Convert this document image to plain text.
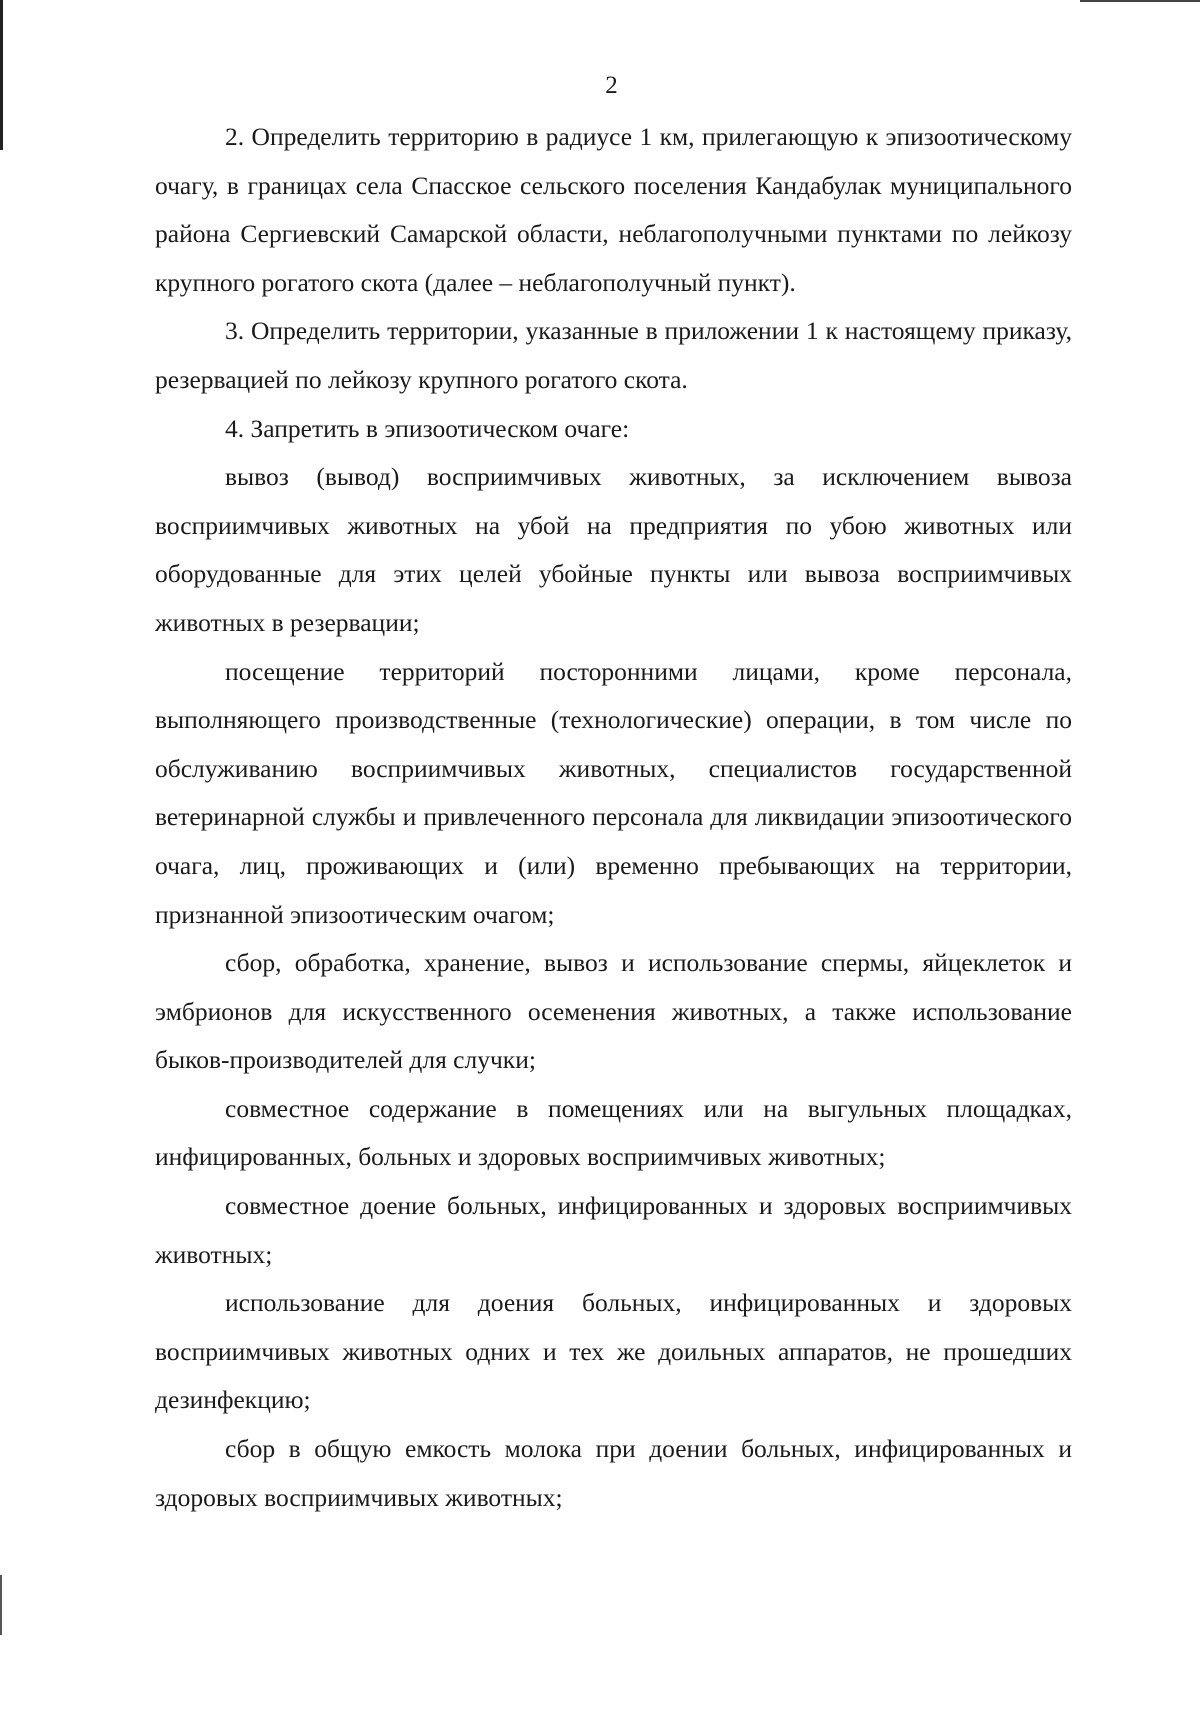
2

2. Определить территорию в радиусе 1 км, прилегающую к эпизоотическому очагу, в границах села Спасское сельского поселения Кандабулак муниципального района Сергиевский Самарской области, неблагополучными пунктами по лейкозу крупного рогатого скота (далее – неблагополучный пункт).

3. Определить территории, указанные в приложении 1 к настоящему приказу, резервацией по лейкозу крупного рогатого скота.

4. Запретить в эпизоотическом очаге:

вывоз (вывод) восприимчивых животных, за исключением вывоза восприимчивых животных на убой на предприятия по убою животных или оборудованные для этих целей убойные пункты или вывоза восприимчивых животных в резервации;

посещение территорий посторонними лицами, кроме персонала, выполняющего производственные (технологические) операции, в том числе по обслуживанию восприимчивых животных, специалистов государственной ветеринарной службы и привлеченного персонала для ликвидации эпизоотического очага, лиц, проживающих и (или) временно пребывающих на территории, признанной эпизоотическим очагом;

сбор, обработка, хранение, вывоз и использование спермы, яйцеклеток и эмбрионов для искусственного осеменения животных, а также использование быков-производителей для случки;

совместное содержание в помещениях или на выгульных площадках, инфицированных, больных и здоровых восприимчивых животных;

совместное доение больных, инфицированных и здоровых восприимчивых животных;

использование для доения больных, инфицированных и здоровых восприимчивых животных одних и тех же доильных аппаратов, не прошедших дезинфекцию;

сбор в общую емкость молока при доении больных, инфицированных и здоровых восприимчивых животных;
